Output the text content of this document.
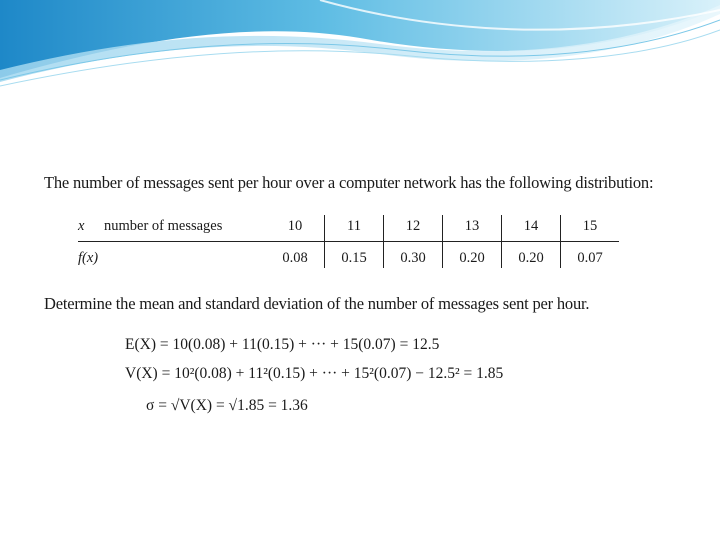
The number of messages sent per hour over a computer network has the following distribution:
x	number of messages	10	11	12	13	14	15
f(x)		0.08	0.15	0.30	0.20	0.20	0.07
Determine the mean and standard deviation of the number of messages sent per hour.
E(X) = 10(0.08) + 11(0.15) + ··· + 15(0.07) = 12.5
V(X) = 10²(0.08) + 11²(0.15) + ··· + 15²(0.07) − 12.5² = 1.85
σ = √V(X) = √1.85 = 1.36
